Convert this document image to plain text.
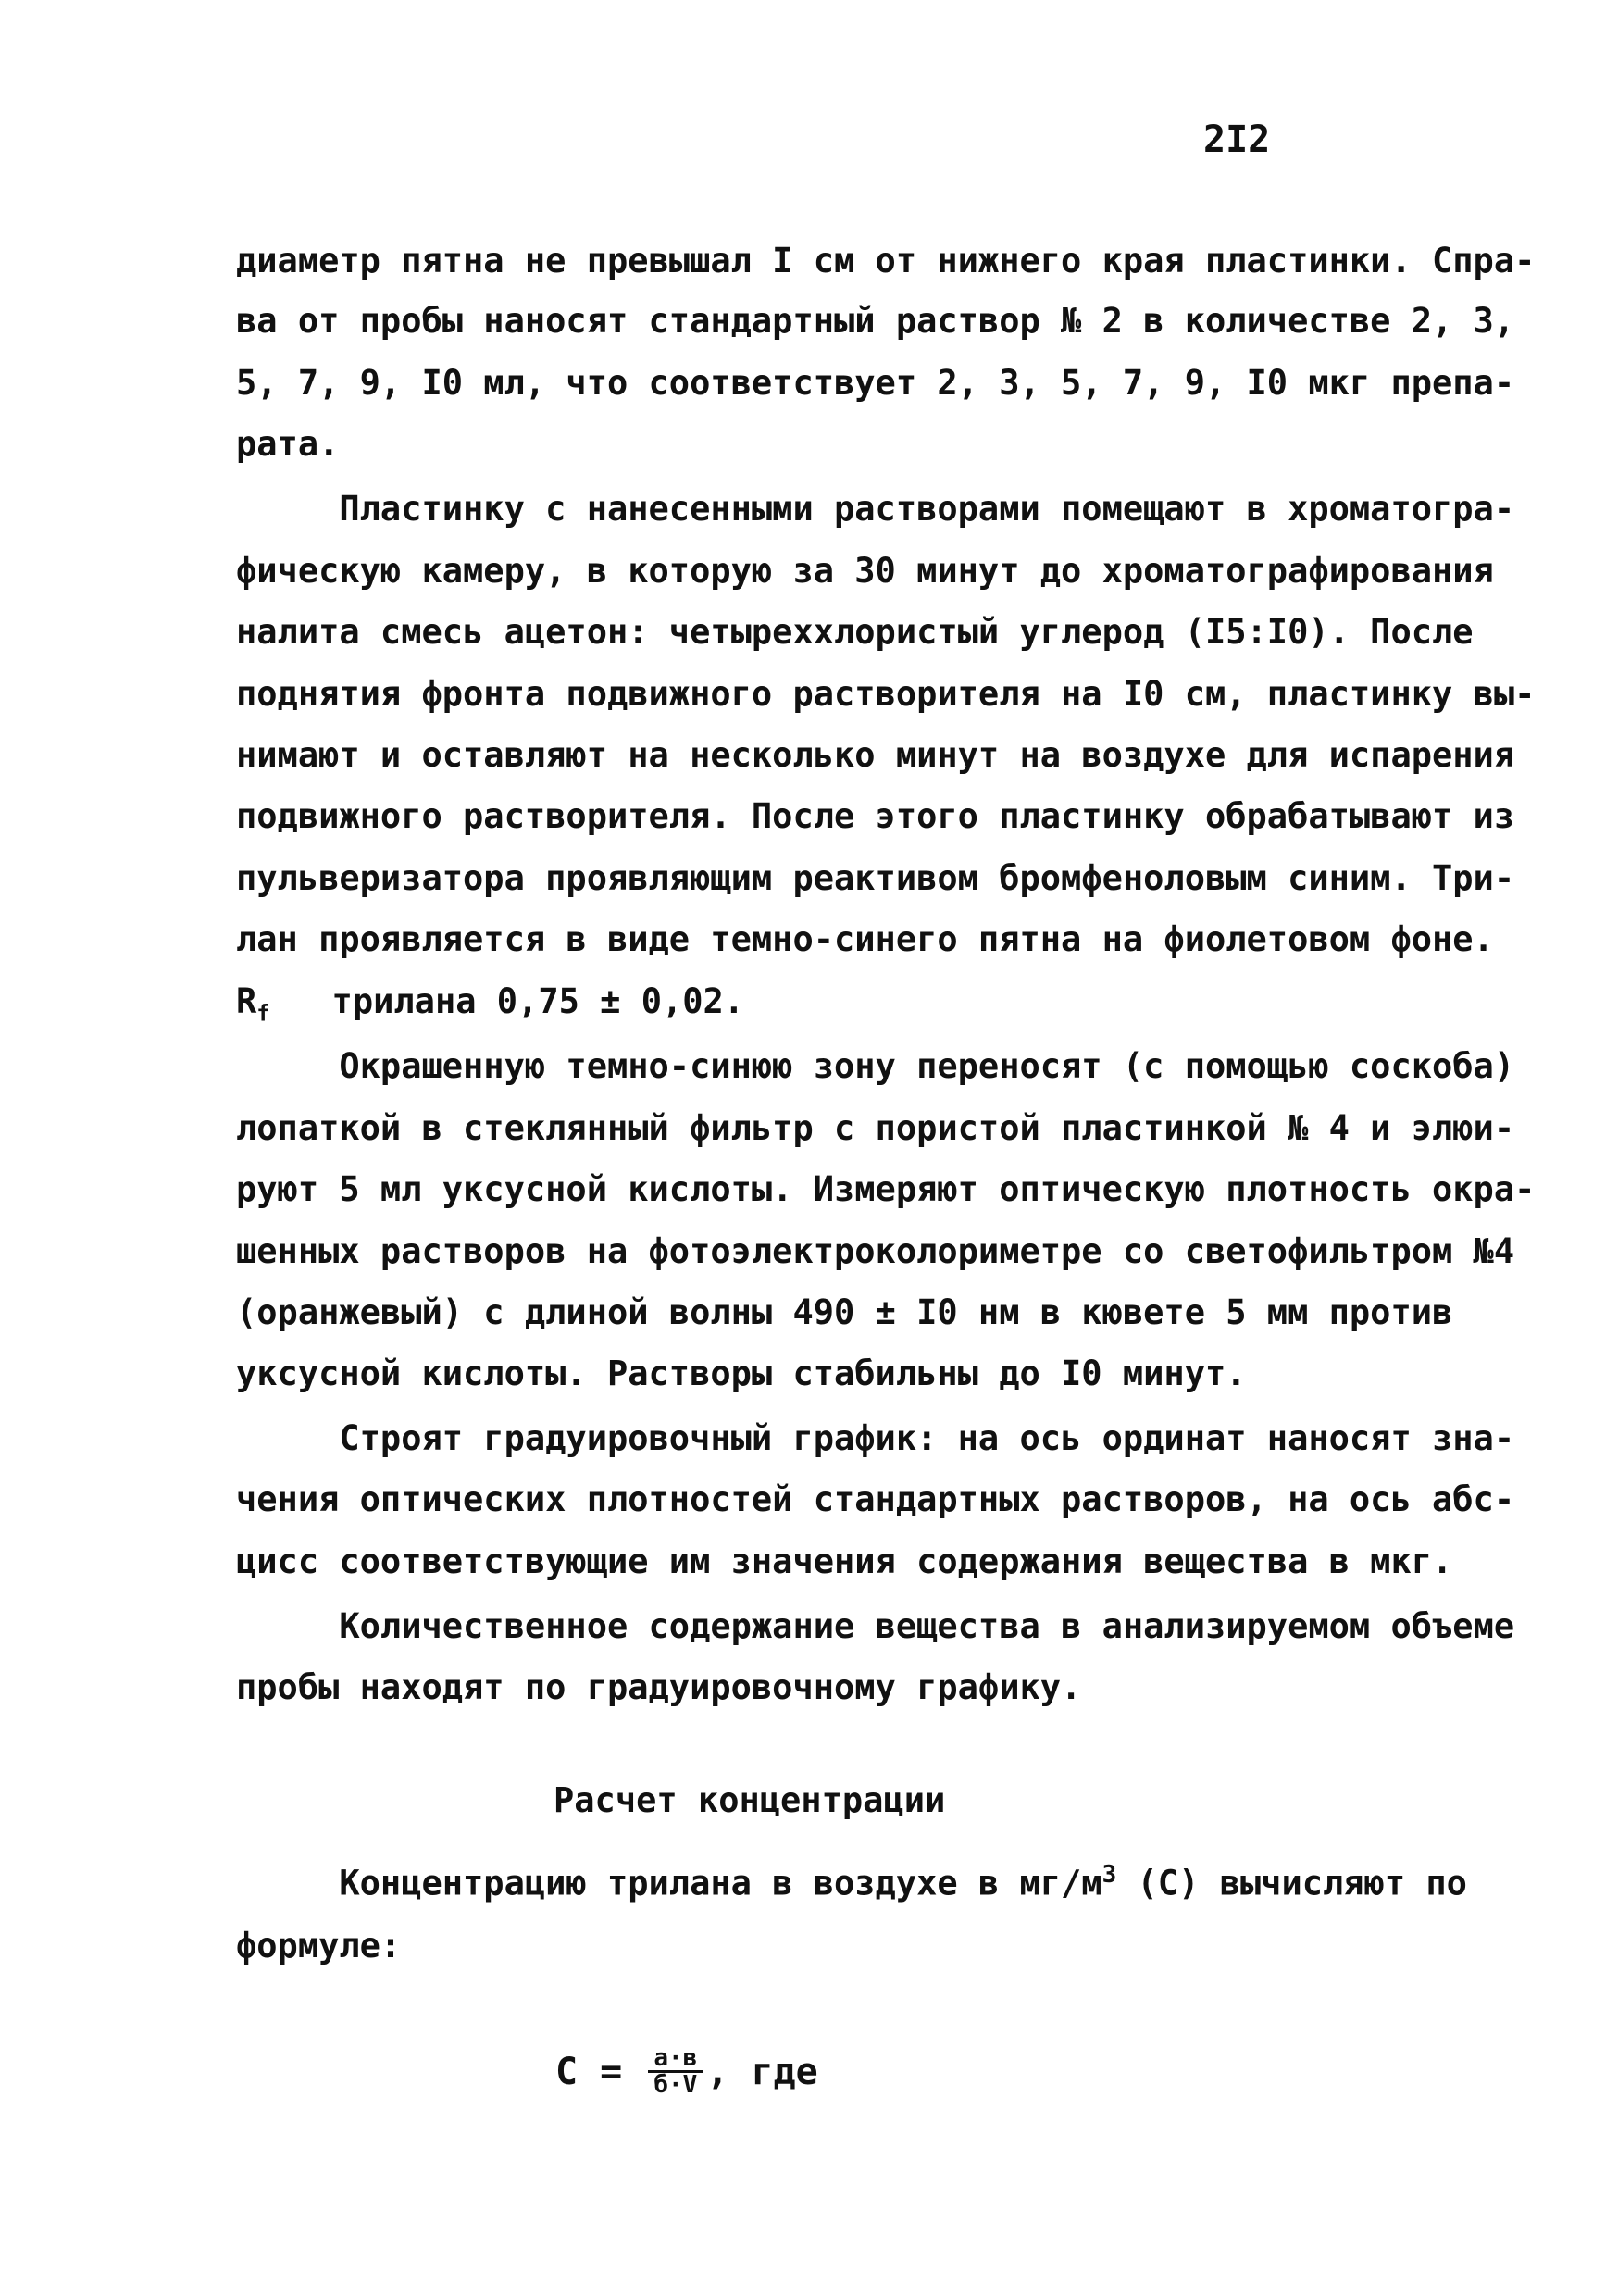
2I2
диаметр пятна не превышал I см от нижнего края пластинки. Спра-
ва от пробы наносят стандартный раствор № 2 в количестве 2, 3,
5, 7, 9, I0 мл, что соответствует 2, 3, 5, 7, 9, I0 мкг препа-
рата.
Пластинку с нанесенными растворами помещают в хроматогра-
фическую камеру, в которую за 30 минут до хроматографирования
налита смесь ацетон: четыреххлористый углерод (I5:I0). После
поднятия фронта подвижного растворителя на I0 см, пластинку вы-
нимают и оставляют на несколько минут на воздухе для испарения
подвижного растворителя. После этого пластинку обрабатывают из
пульверизатора проявляющим реактивом бромфеноловым синим. Три-
лан проявляется в виде темно-синего пятна на фиолетовом фоне.
$R_f$   трилана 0,75 ± 0,02.
Окрашенную темно-синюю зону переносят (с помощью соскоба)
лопаткой в стеклянный фильтр с пористой пластинкой № 4 и элюи-
руют 5 мл уксусной кислоты. Измеряют оптическую плотность окра-
шенных растворов на фотоэлектроколориметре со светофильтром №4
(оранжевый) с длиной волны 490 ± I0 нм в кювете 5 мм против
уксусной кислоты. Растворы стабильны до I0 минут.
Строят градуировочный график: на ось ординат наносят зна-
чения оптических плотностей стандартных растворов, на ось абс-
цисс соответствующие им значения содержания вещества в мкг.
Количественное содержание вещества в анализируемом объеме
пробы находят по градуировочному графику.
Расчет концентрации
Концентрацию трилана в воздухе в $мг/м^3$ (С) вычисляют по
формуле:
$C = \frac{а\cdot в}{б\cdot V}$ , где
